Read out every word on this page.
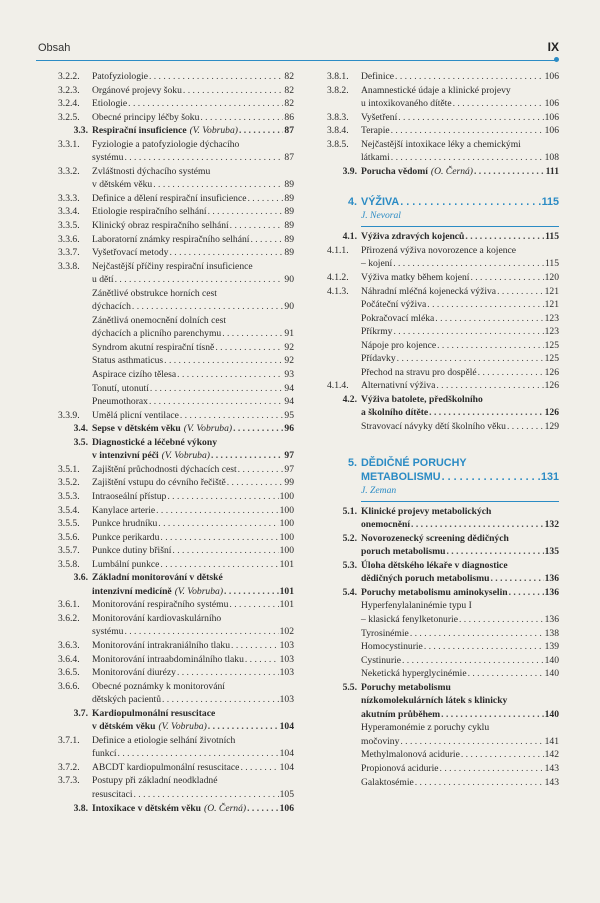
Obsah	IX
3.2.2.	Patofyziologie . . .	82
3.2.3.	Orgánové projevy šoku . . .	82
3.2.4.	Etiologie . . .	82
3.2.5.	Obecné principy léčby šoku . . .	86
3.3. Respirační insuficience (V. Vobruba) . . .	87
3.3.1.	Fyziologie a patofyziologie dýchacího
systému . . .	87
3.3.2.	Zvláštnosti dýchacího systému
v dětském věku . . .	89
3.3.3.	Definice a dělení respirační insuficience . . .	89
3.3.4.	Etiologie respiračního selhání . . .	89
3.3.5.	Klinický obraz respiračního selhání . . .	89
3.3.6.	Laboratorní známky respiračního selhání . . .	89
3.3.7.	Vyšetřovací metody . . .	89
3.3.8.	Nejčastější příčiny respirační insuficience
u dětí . . .	90
Zánětlivé obstrukce horních cest
dýchacích . . .	90
Zánětlivá onemocnění dolních cest
dýchacích a plicního parenchymu . . .	91
Syndrom akutní respirační tísně . . .	92
Status asthmaticus . . .	92
Aspirace cizího tělesa . . .	93
Tonutí, utonutí . . .	94
Pneumothorax . . .	94
3.3.9.	Umělá plicní ventilace . . .	95
3.4. Sepse v dětském věku (V. Vobruba) . . .	96
3.5. Diagnostické a léčebné výkony
v intenzivní péči (V. Vobruba) . . .	97
3.5.1.	Zajištění průchodnosti dýchacích cest . . .	97
3.5.2.	Zajištění vstupu do cévního řečiště . . .	99
3.5.3.	Intraoseální přístup . . .	100
3.5.4.	Kanylace arterie . . .	100
3.5.5.	Punkce hrudníku . . .	100
3.5.6.	Punkce perikardu . . .	100
3.5.7.	Punkce dutiny břišní . . .	100
3.5.8.	Lumbální punkce . . .	101
3.6. Základní monitorování v dětské
intenzivní medicíně (V. Vobruba) . . .	101
3.6.1.	Monitorování respiračního systému . . .	101
3.6.2.	Monitorování kardiovaskulárního
systému . . .	102
3.6.3.	Monitorování intrakraniálního tlaku . . .	103
3.6.4.	Monitorování intraabdominálního tlaku . . .	103
3.6.5.	Monitorování diurézy . . .	103
3.6.6.	Obecné poznámky k monitorování
dětských pacientů . . .	103
3.7. Kardiopulmonální resuscitace
v dětském věku (V. Vobruba) . . .	104
3.7.1.	Definice a etiologie selhání životních
funkcí . . .	104
3.7.2.	ABCDT kardiopulmonální resuscitace . . .	104
3.7.3.	Postupy při základní neodkladné
resuscitaci . . .	105
3.8. Intoxikace v dětském věku (O. Černá) . . .	106
3.8.1.	Definice . . .	106
3.8.2.	Anamnestické údaje a klinické projevy
u intoxikovaného dítěte . . .	106
3.8.3.	Vyšetření . . .	106
3.8.4.	Terapie . . .	106
3.8.5.	Nejčastější intoxikace léky a chemickými
látkami . . .	108
3.9. Porucha vědomí (O. Černá) . . .	111
4. VÝŽIVA . . .	115
J. Nevoral
4.1. Výživa zdravých kojenců . . .	115
4.1.1.	Přirozená výživa novorozence a kojence
– kojení . . .	115
4.1.2.	Výživa matky během kojení . . .	120
4.1.3.	Náhradní mléčná kojenecká výživa . . .	121
Počáteční výživa . . .	121
Pokračovací mléka . . .	123
Příkrmy . . .	123
Nápoje pro kojence . . .	125
Přídavky . . .	125
Přechod na stravu pro dospělé . . .	126
4.1.4.	Alternativní výživa . . .	126
4.2. Výživa batolete, předškolního
a školního dítěte . . .	126
Stravovací návyky dětí školního věku . . .	129
5. DĚDIČNÉ PORUCHY
METABOLISMU . . .	131
J. Zeman
5.1. Klinické projevy metabolických
onemocnění . . .	132
5.2. Novorozenecký screening dědičných
poruch metabolismu . . .	135
5.3. Úloha dětského lékaře v diagnostice
dědičných poruch metabolismu . . .	136
5.4. Poruchy metabolismu aminokyselin . . .	136
Hyperfenylalaninémie typu I
– klasická fenylketonurie . . .	136
Tyrosinémie . . .	138
Homocystinurie . . .	139
Cystinurie . . .	140
Neketická hyperglycinémie . . .	140
5.5. Poruchy metabolismu
nízkomolekulárních látek s klinicky
akutním průběhem . . .	140
Hyperamonémie z poruchy cyklu
močoviny . . .	141
Methylmalonová acidurie . . .	142
Propionová acidurie . . .	143
Galaktosémie . . .	143
